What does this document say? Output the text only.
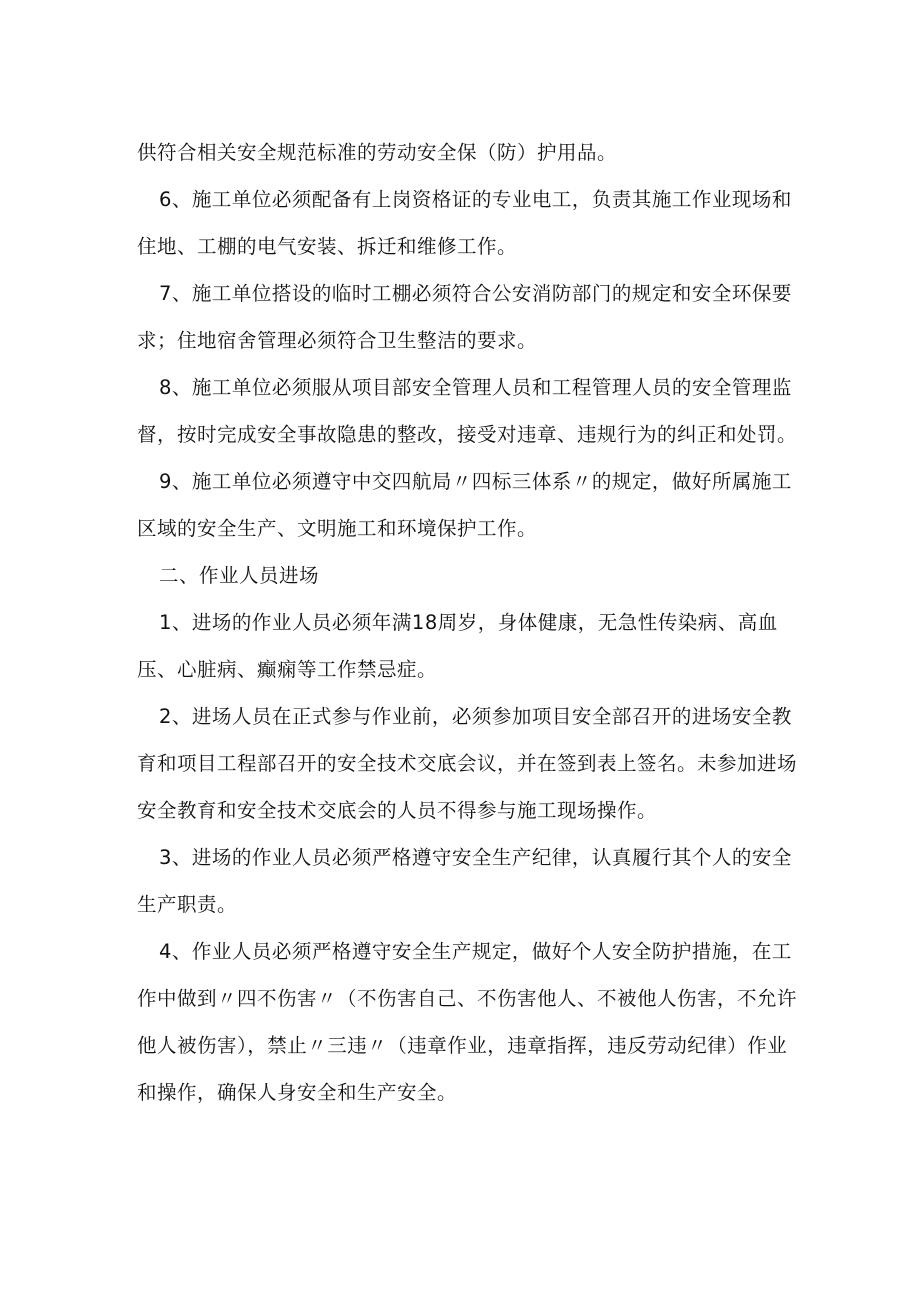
供符合相关安全规范标准的劳动安全保（防）护用品。
6、施工单位必须配备有上岗资格证的专业电工，负责其施工作业现场和
住地、工棚的电气安装、拆迁和维修工作。
7、施工单位搭设的临时工棚必须符合公安消防部门的规定和安全环保要
求；住地宿舍管理必须符合卫生整洁的要求。
8、施工单位必须服从项目部安全管理人员和工程管理人员的安全管理监
督，按时完成安全事故隐患的整改，接受对违章、违规行为的纠正和处罚。
9、施工单位必须遵守中交四航局〃四标三体系〃的规定，做好所属施工
区域的安全生产、文明施工和环境保护工作。
二、作业人员进场
1、进场的作业人员必须年满18周岁，身体健康，无急性传染病、高血
压、心脏病、癫痫等工作禁忌症。
2、进场人员在正式参与作业前，必须参加项目安全部召开的进场安全教
育和项目工程部召开的安全技术交底会议，并在签到表上签名。未参加进场
安全教育和安全技术交底会的人员不得参与施工现场操作。
3、进场的作业人员必须严格遵守安全生产纪律，认真履行其个人的安全
生产职责。
4、作业人员必须严格遵守安全生产规定，做好个人安全防护措施，在工
作中做到〃四不伤害〃（不伤害自己、不伤害他人、不被他人伤害，不允许
他人被伤害），禁止〃三违〃（违章作业，违章指挥，违反劳动纪律）作业
和操作，确保人身安全和生产安全。
